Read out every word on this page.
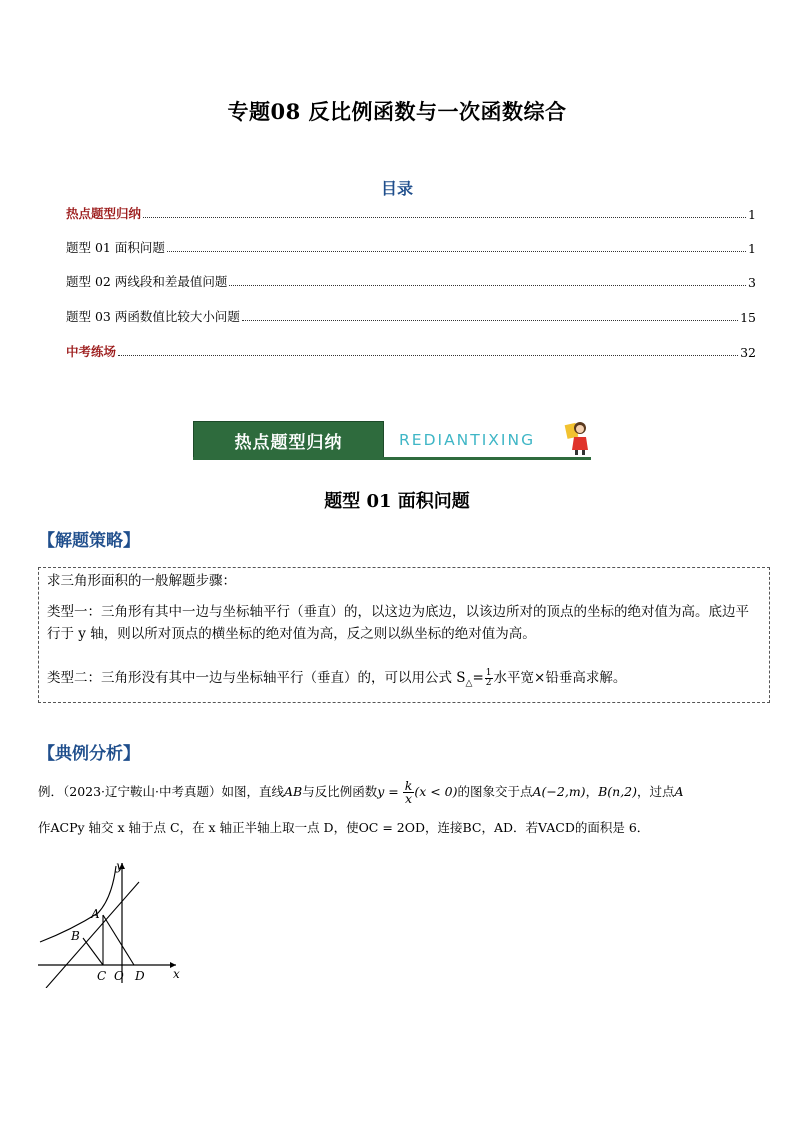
专题08 反比例函数与一次函数综合
目录
热点题型归纳	1
题型 01 面积问题	1
题型 02 两线段和差最值问题	3
题型 03 两函数值比较大小问题	15
中考练场	32
热点题型归纳	REDIANTIXING
题型 01 面积问题
【解题策略】

求三角形面积的一般解题步骤：

类型一：三角形有其中一边与坐标轴平行（垂直）的，以这边为底边，以该边所对的顶点的坐标的绝对值为高。底边平行于 y 轴，则以所对顶点的横坐标的绝对值为高，反之则以纵坐标的绝对值为高。

类型二：三角形没有其中一边与坐标轴平行（垂直）的，可以用公式 $S_\triangle= \frac{1}{2}$ 水平宽×铅垂高求解。

【典例分析】
例．（2023·辽宁鞍山·中考真题）如图，直线AB与反比例函数$y = \frac{k}{x} (x < 0)$的图象交于点A(−2,m)，B(n,2)，过点A
作ACPy 轴交 x 轴于点 C，在 x 轴正半轴上取一点 D，使OC = 2OD，连接BC，AD．若VACD的面积是 6．
y
x
A
B
C O D
